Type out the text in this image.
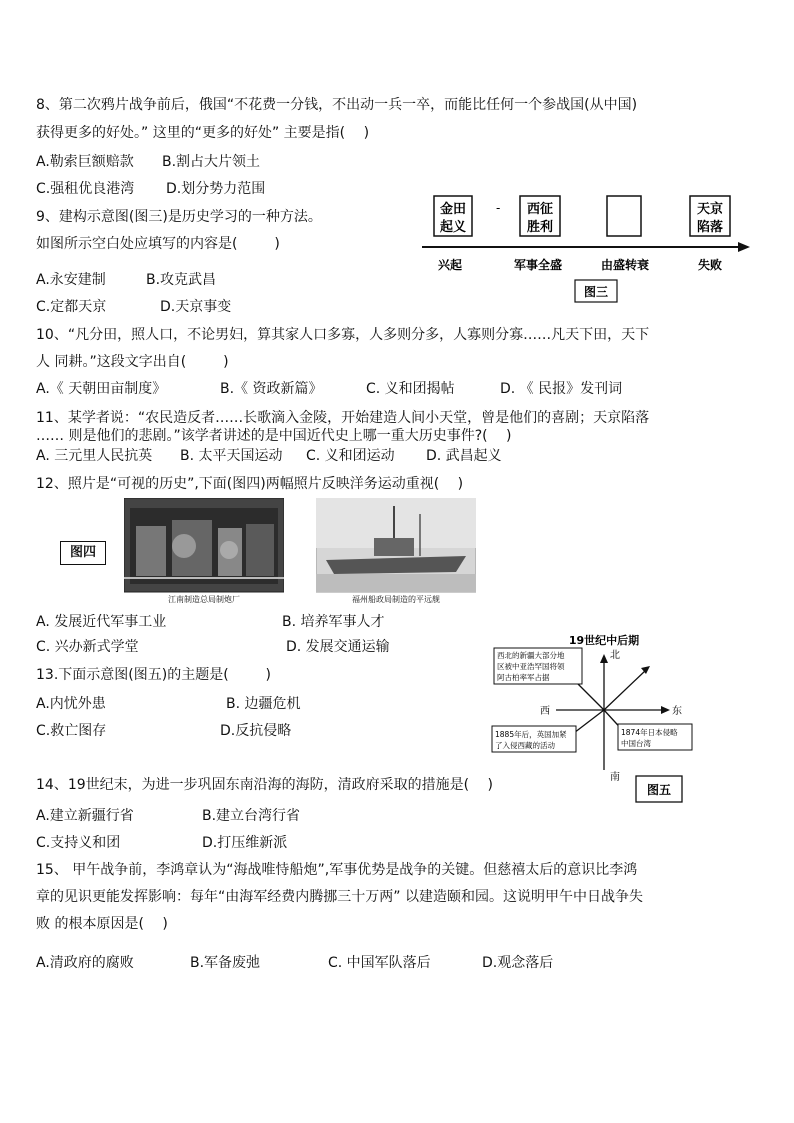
8、第二次鸦片战争前后，俄国“不花费一分钱，不出动一兵一卒，而能比任何一个参战国(从中国)
获得更多的好处。” 这里的“更多的好处” 主要是指(　 )
A.勒索巨额赔款 B.割占大片领土
C.强租优良港湾 D.划分势力范围
9、建构示意图(图三)是历史学习的一种方法。
如图所示空白处应填写的内容是(　 　 )
A.永安建制	B.攻克武昌
C.定都天京	D.天京事变
金田
起义
- 西征
胜利
天京
陷落
兴起	军事全盛	由盛转衰	失败
图三
10、“凡分田，照人口，不论男妇，算其家人口多寡，人多则分多，人寡则分寡……凡天下田，天下
人 同耕。”这段文字出自(　 　 )
A.《 天朝田亩制度》	B.《 资政新篇》	C. 义和团揭帖	D. 《 民报》发刊词
11、某学者说：“农民造反者……长歌滴入金陵，开始建造人间小天堂，曾是他们的喜剧；天京陷落
…… 则是他们的悲剧。”该学者讲述的是中国近代史上哪一重大历史事件?(　 )
A. 三元里人民抗英 B. 太平天国运动 C. 义和团运动 D. 武昌起义
12、照片是“可视的历史”,下面(图四)两幅照片反映洋务运动重视(　 )
图四
江南制造总局制炮厂	福州船政局制造的平远舰
A. 发展近代军事工业	B. 培养军事人才
C. 兴办新式学堂	D. 发展交通运输
13.下面示意图(图五)的主题是(　 　 )
A.内忧外患	B. 边疆危机
C.救亡图存	D.反抗侵略
19世纪中后期
北
南
东
西
西北的新疆大部分地
区被中亚浩罕国将领
阿古柏率军占据
1885年后，英国加紧
了入侵西藏的活动
1874年日本侵略
中国台湾
图五
14、19世纪末，为进一步巩固东南沿海的海防，清政府采取的措施是(　 )
A.建立新疆行省	B.建立台湾行省
C.支持义和团	D.打压维新派
15、 甲午战争前，李鸿章认为“海战唯恃船炮”,军事优势是战争的关键。但慈禧太后的意识比李鸿
章的见识更能发挥影响：每年“由海军经费内腾挪三十万两” 以建造颐和园。这说明甲午中日战争失
败 的根本原因是(　 )
A.清政府的腐败	B.军备废弛	C. 中国军队落后	D.观念落后
